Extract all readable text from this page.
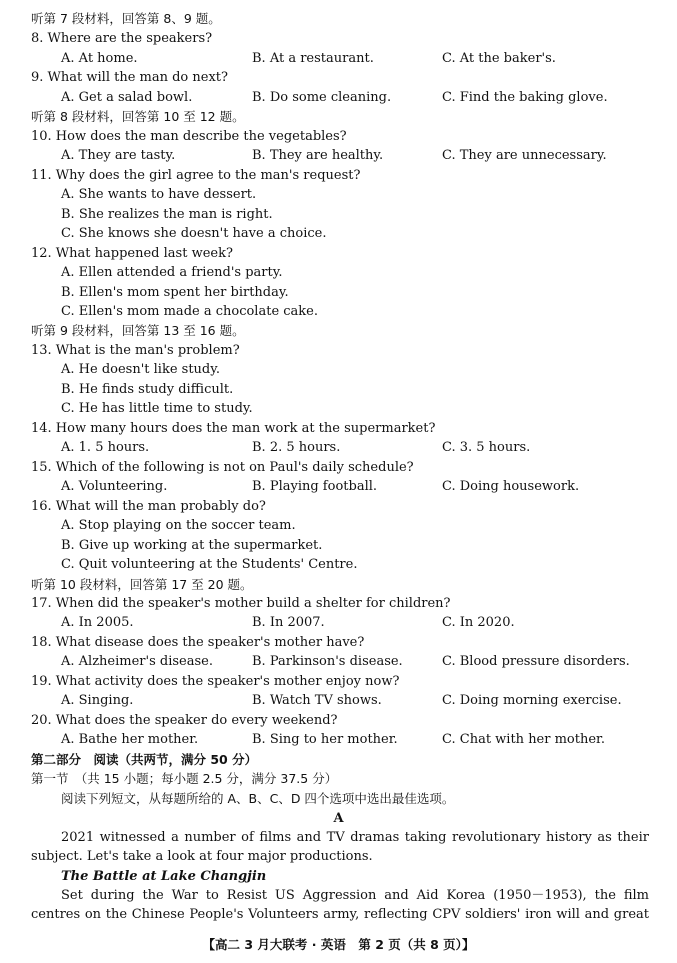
听第 7 段材料，回答第 8、9 题。
8. Where are the speakers?
A. At home.	B. At a restaurant.	C. At the baker's.
9. What will the man do next?
A. Get a salad bowl.	B. Do some cleaning.	C. Find the baking glove.
听第 8 段材料，回答第 10 至 12 题。
10. How does the man describe the vegetables?
A. They are tasty.	B. They are healthy.	C. They are unnecessary.
11. Why does the girl agree to the man's request?
A. She wants to have dessert.
B. She realizes the man is right.
C. She knows she doesn't have a choice.
12. What happened last week?
A. Ellen attended a friend's party.
B. Ellen's mom spent her birthday.
C. Ellen's mom made a chocolate cake.
听第 9 段材料，回答第 13 至 16 题。
13. What is the man's problem?
A. He doesn't like study.
B. He finds study difficult.
C. He has little time to study.
14. How many hours does the man work at the supermarket?
A. 1. 5 hours.	B. 2. 5 hours.	C. 3. 5 hours.
15. Which of the following is not on Paul's daily schedule?
A. Volunteering.	B. Playing football.	C. Doing housework.
16. What will the man probably do?
A. Stop playing on the soccer team.
B. Give up working at the supermarket.
C. Quit volunteering at the Students' Centre.
听第 10 段材料，回答第 17 至 20 题。
17. When did the speaker's mother build a shelter for children?
A. In 2005.	B. In 2007.	C. In 2020.
18. What disease does the speaker's mother have?
A. Alzheimer's disease.	B. Parkinson's disease.	C. Blood pressure disorders.
19. What activity does the speaker's mother enjoy now?
A. Singing.	B. Watch TV shows.	C. Doing morning exercise.
20. What does the speaker do every weekend?
A. Bathe her mother.	B. Sing to her mother.	C. Chat with her mother.
第二部分　阅读（共两节，满分 50 分）
第一节　（共 15 小题；每小题 2.5 分，满分 37.5 分）
阅读下列短文，从每题所给的 A、B、C、D 四个选项中选出最佳选项。
A
2021 witnessed a number of films and TV dramas taking revolutionary history as their
subject. Let's take a look at four major productions.
The Battle at Lake Changjin
Set during the War to Resist US Aggression and Aid Korea (1950－1953), the film
centres on the Chinese People's Volunteers army, reflecting CPV soldiers' iron will and great
【高二 3 月大联考 · 英语　第 2 页（共 8 页）】
